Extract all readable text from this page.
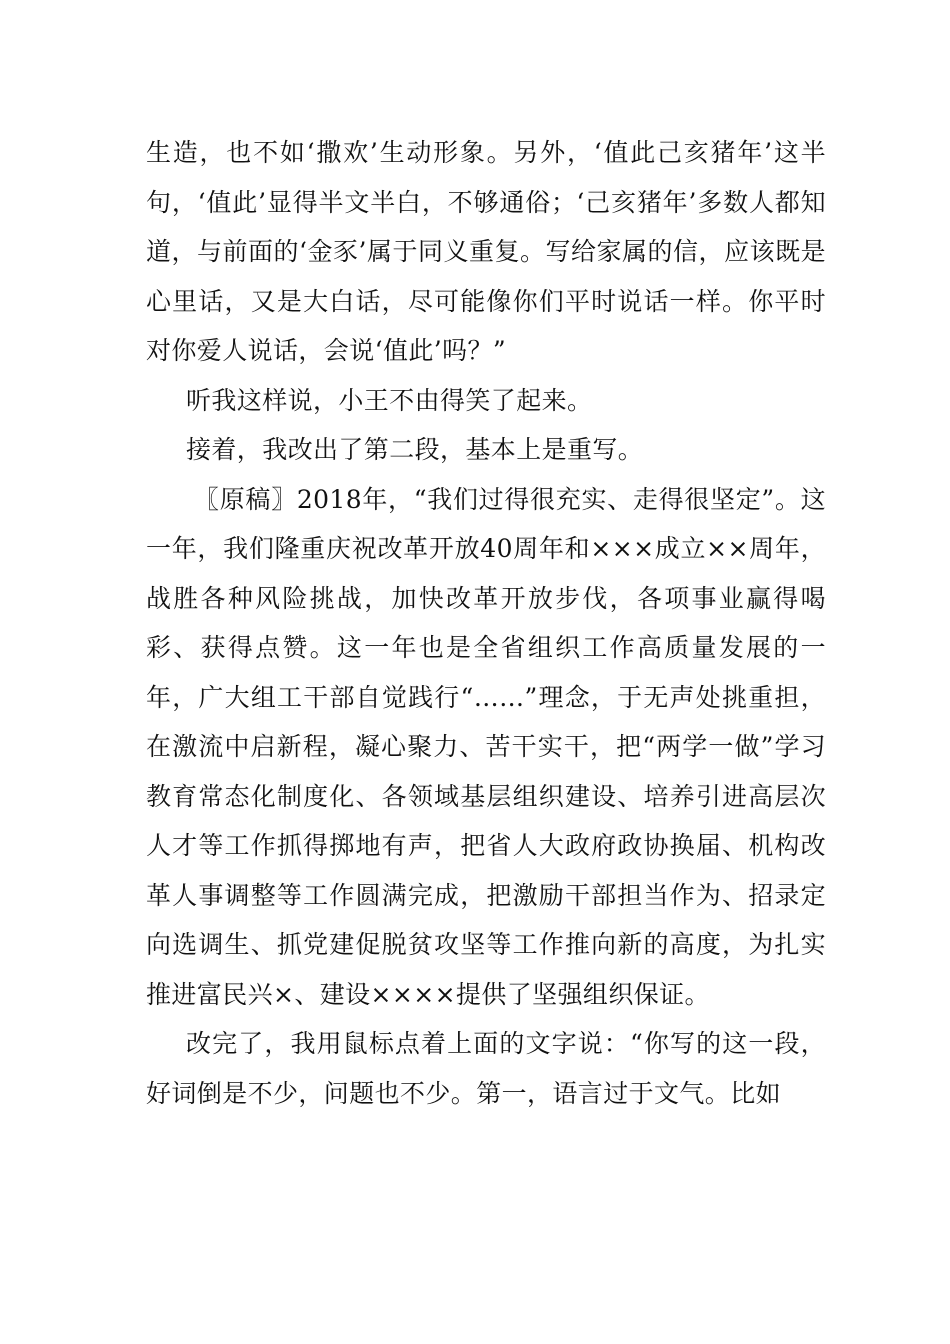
生造，也不如‘撒欢’生动形象。另外，‘值此己亥猪年’这半句，‘值此’显得半文半白，不够通俗；‘己亥猪年’多数人都知道，与前面的‘金豕’属于同义重复。写给家属的信，应该既是心里话，又是大白话，尽可能像你们平时说话一样。你平时对你爱人说话，会说‘值此’吗？”

听我这样说，小王不由得笑了起来。

接着，我改出了第二段，基本上是重写。

〖原稿〗2018年，“我们过得很充实、走得很坚定”。这一年，我们隆重庆祝改革开放40周年和×××成立××周年，战胜各种风险挑战，加快改革开放步伐，各项事业赢得喝彩、获得点赞。这一年也是全省组织工作高质量发展的一年，广大组工干部自觉践行“……”理念，于无声处挑重担，在激流中启新程，凝心聚力、苦干实干，把“两学一做”学习教育常态化制度化、各领域基层组织建设、培养引进高层次人才等工作抓得掷地有声，把省人大政府政协换届、机构改革人事调整等工作圆满完成，把激励干部担当作为、招录定向选调生、抓党建促脱贫攻坚等工作推向新的高度，为扎实推进富民兴×、建设××××提供了坚强组织保证。

改完了，我用鼠标点着上面的文字说：“你写的这一段，好词倒是不少，问题也不少。第一，语言过于文气。比如
